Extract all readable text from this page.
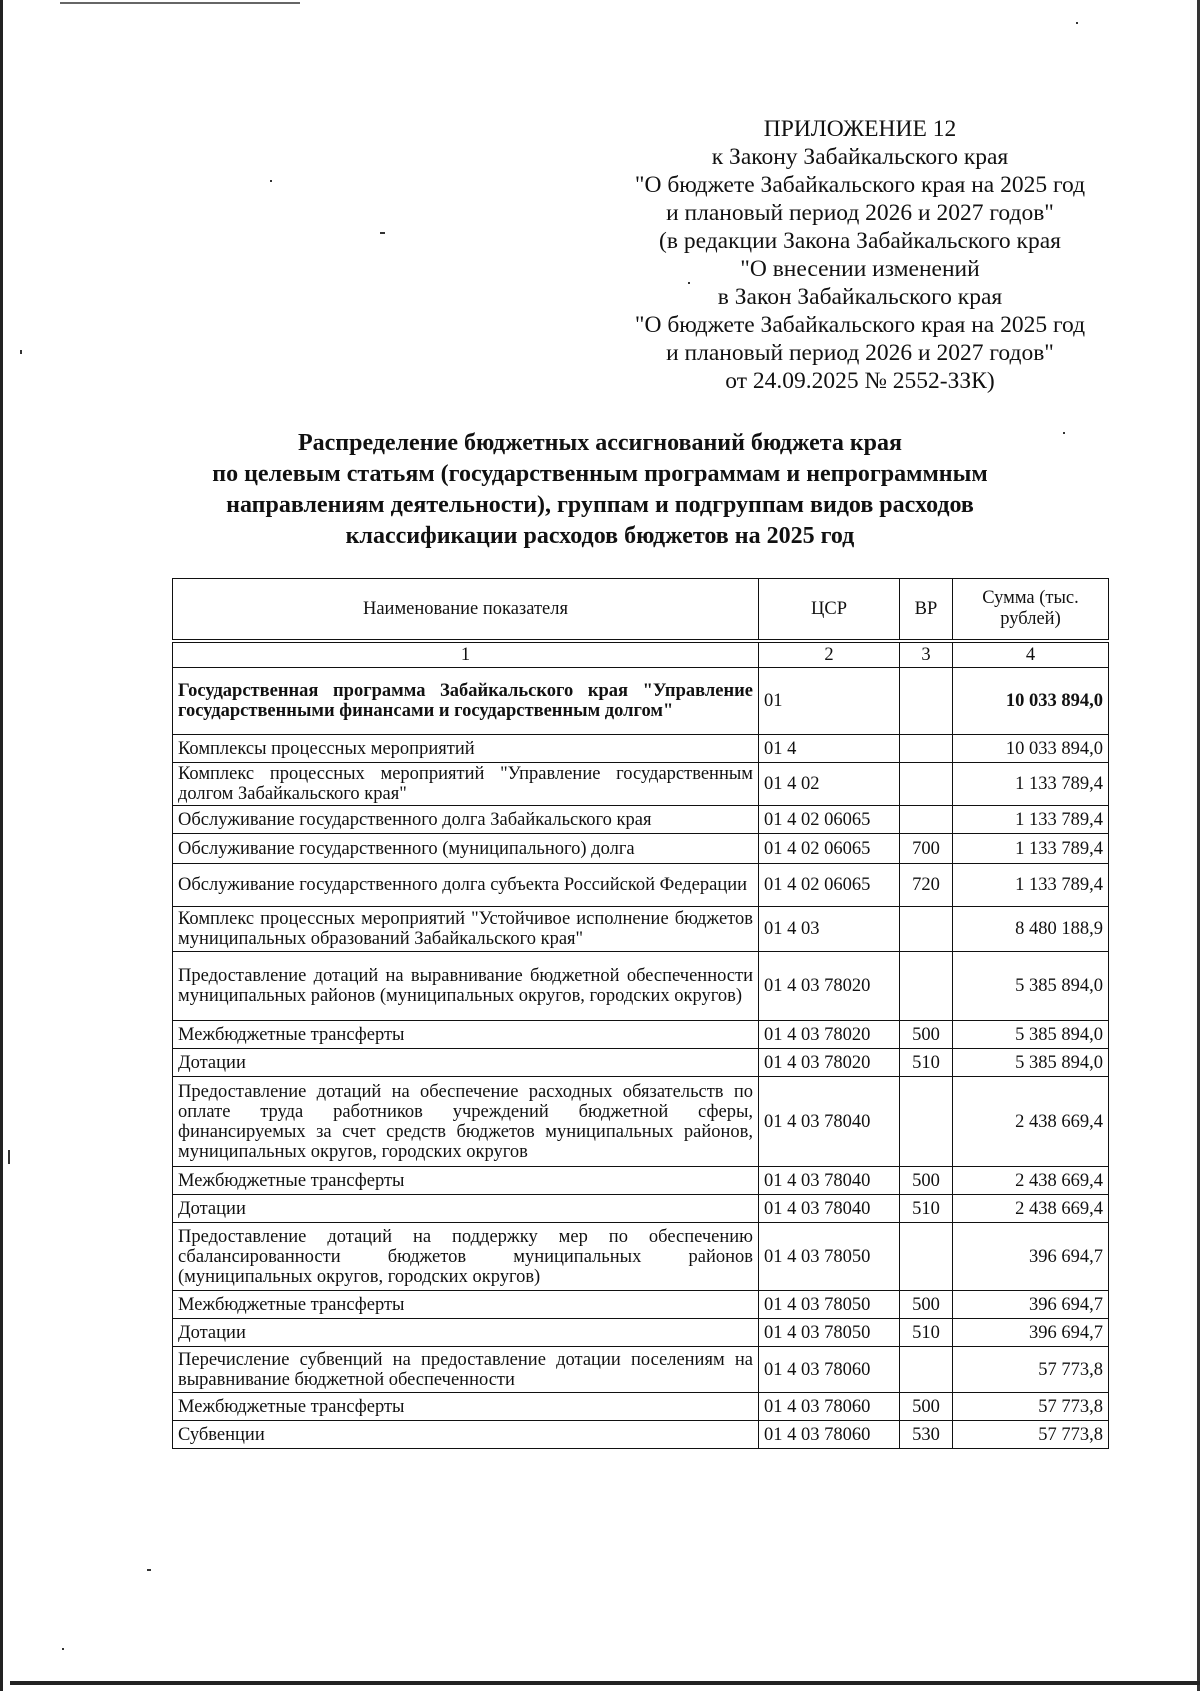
ПРИЛОЖЕНИЕ 12
к Закону Забайкальского края
"О бюджете Забайкальского края на 2025 год
и плановый период 2026 и 2027 годов"
(в редакции Закона Забайкальского края
"О внесении изменений
в Закон Забайкальского края
"О бюджете Забайкальского края на 2025 год
и плановый период 2026 и 2027 годов"
от 24.09.2025 № 2552-ЗЗК)
Распределение бюджетных ассигнований бюджета края
по целевым статьям (государственным программам и непрограммным
направлениям деятельности), группам и подгруппам видов расходов
классификации расходов бюджетов на 2025 год
Наименование показателя	ЦСР	ВР	Сумма (тыс. рублей)
1	2	3	4
Государственная программа Забайкальского края "Управление государственными финансами и государственным долгом"	01		10 033 894,0
Комплексы процессных мероприятий	01 4		10 033 894,0
Комплекс процессных мероприятий "Управление государственным долгом Забайкальского края"	01 4 02		1 133 789,4
Обслуживание государственного долга Забайкальского края	01 4 02 06065		1 133 789,4
Обслуживание государственного (муниципального) долга	01 4 02 06065	700	1 133 789,4
Обслуживание государственного долга субъекта Российской Федерации	01 4 02 06065	720	1 133 789,4
Комплекс процессных мероприятий "Устойчивое исполнение бюджетов муниципальных образований Забайкальского края"	01 4 03		8 480 188,9
Предоставление дотаций на выравнивание бюджетной обеспеченности муниципальных районов (муниципальных округов, городских округов)	01 4 03 78020		5 385 894,0
Межбюджетные трансферты	01 4 03 78020	500	5 385 894,0
Дотации	01 4 03 78020	510	5 385 894,0
Предоставление дотаций на обеспечение расходных обязательств по оплате труда работников учреждений бюджетной сферы, финансируемых за счет средств бюджетов муниципальных районов, муниципальных округов, городских округов	01 4 03 78040		2 438 669,4
Межбюджетные трансферты	01 4 03 78040	500	2 438 669,4
Дотации	01 4 03 78040	510	2 438 669,4
Предоставление дотаций на поддержку мер по обеспечению сбалансированности бюджетов муниципальных районов (муниципальных округов, городских округов)	01 4 03 78050		396 694,7
Межбюджетные трансферты	01 4 03 78050	500	396 694,7
Дотации	01 4 03 78050	510	396 694,7
Перечисление субвенций на предоставление дотации поселениям на выравнивание бюджетной обеспеченности	01 4 03 78060		57 773,8
Межбюджетные трансферты	01 4 03 78060	500	57 773,8
Субвенции	01 4 03 78060	530	57 773,8
